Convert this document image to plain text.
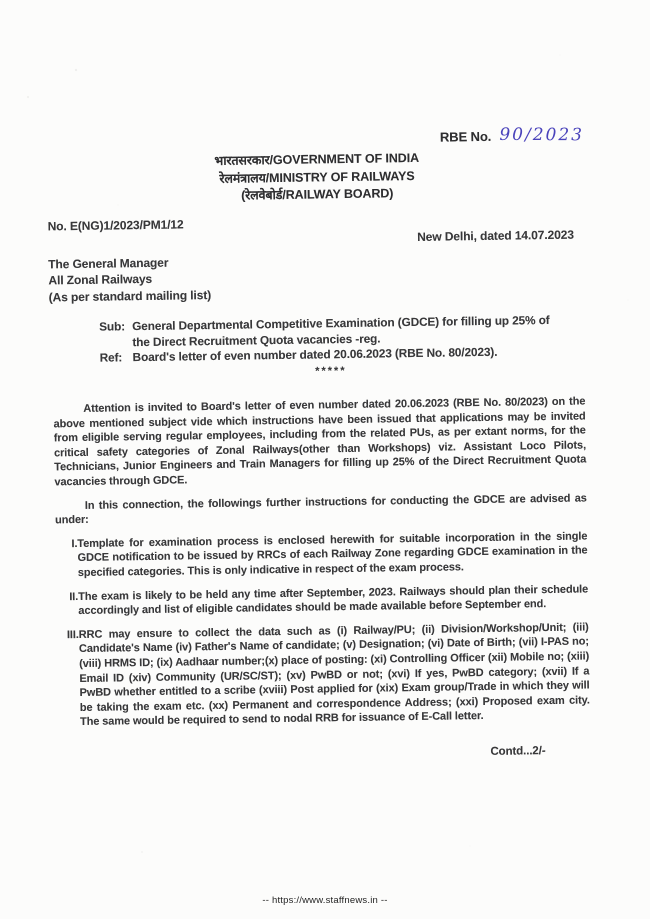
RBE No. 90/2023
भारतसरकार/GOVERNMENT OF INDIA
रेलमंत्रालय/MINISTRY OF RAILWAYS
(रेलवेबोर्ड/RAILWAY BOARD)
No. E(NG)1/2023/PM1/12
New Delhi, dated 14.07.2023
The General Manager
All Zonal Railways
(As per standard mailing list)
Sub: General Departmental Competitive Examination (GDCE) for filling up 25% of the Direct Recruitment Quota vacancies -reg.
Ref: Board's letter of even number dated 20.06.2023 (RBE No. 80/2023).
*****

Attention is invited to Board's letter of even number dated 20.06.2023 (RBE No. 80/2023) on the above mentioned subject vide which instructions have been issued that applications may be invited from eligible serving regular employees, including from the related PUs, as per extant norms, for the critical safety categories of Zonal Railways(other than Workshops) viz. Assistant Loco Pilots, Technicians, Junior Engineers and Train Managers for filling up 25% of the Direct Recruitment Quota vacancies through GDCE.

In this connection, the followings further instructions for conducting the GDCE are advised as under:

I. Template for examination process is enclosed herewith for suitable incorporation in the single GDCE notification to be issued by RRCs of each Railway Zone regarding GDCE examination in the specified categories. This is only indicative in respect of the exam process.
II. The exam is likely to be held any time after September, 2023. Railways should plan their schedule accordingly and list of eligible candidates should be made available before September end.
III. RRC may ensure to collect the data such as (i) Railway/PU; (ii) Division/Workshop/Unit; (iii) Candidate's Name (iv) Father's Name of candidate; (v) Designation; (vi) Date of Birth; (vii) I-PAS no; (viii) HRMS ID; (ix) Aadhaar number;(x) place of posting: (xi) Controlling Officer (xii) Mobile no; (xiii) Email ID (xiv) Community (UR/SC/ST); (xv) PwBD or not; (xvi) If yes, PwBD category; (xvii) If a PwBD whether entitled to a scribe (xviii) Post applied for (xix) Exam group/Trade in which they will be taking the exam etc. (xx) Permanent and correspondence Address; (xxi) Proposed exam city. The same would be required to send to nodal RRB for issuance of E-Call letter.
Contd...2/-
-- https://www.staffnews.in --
